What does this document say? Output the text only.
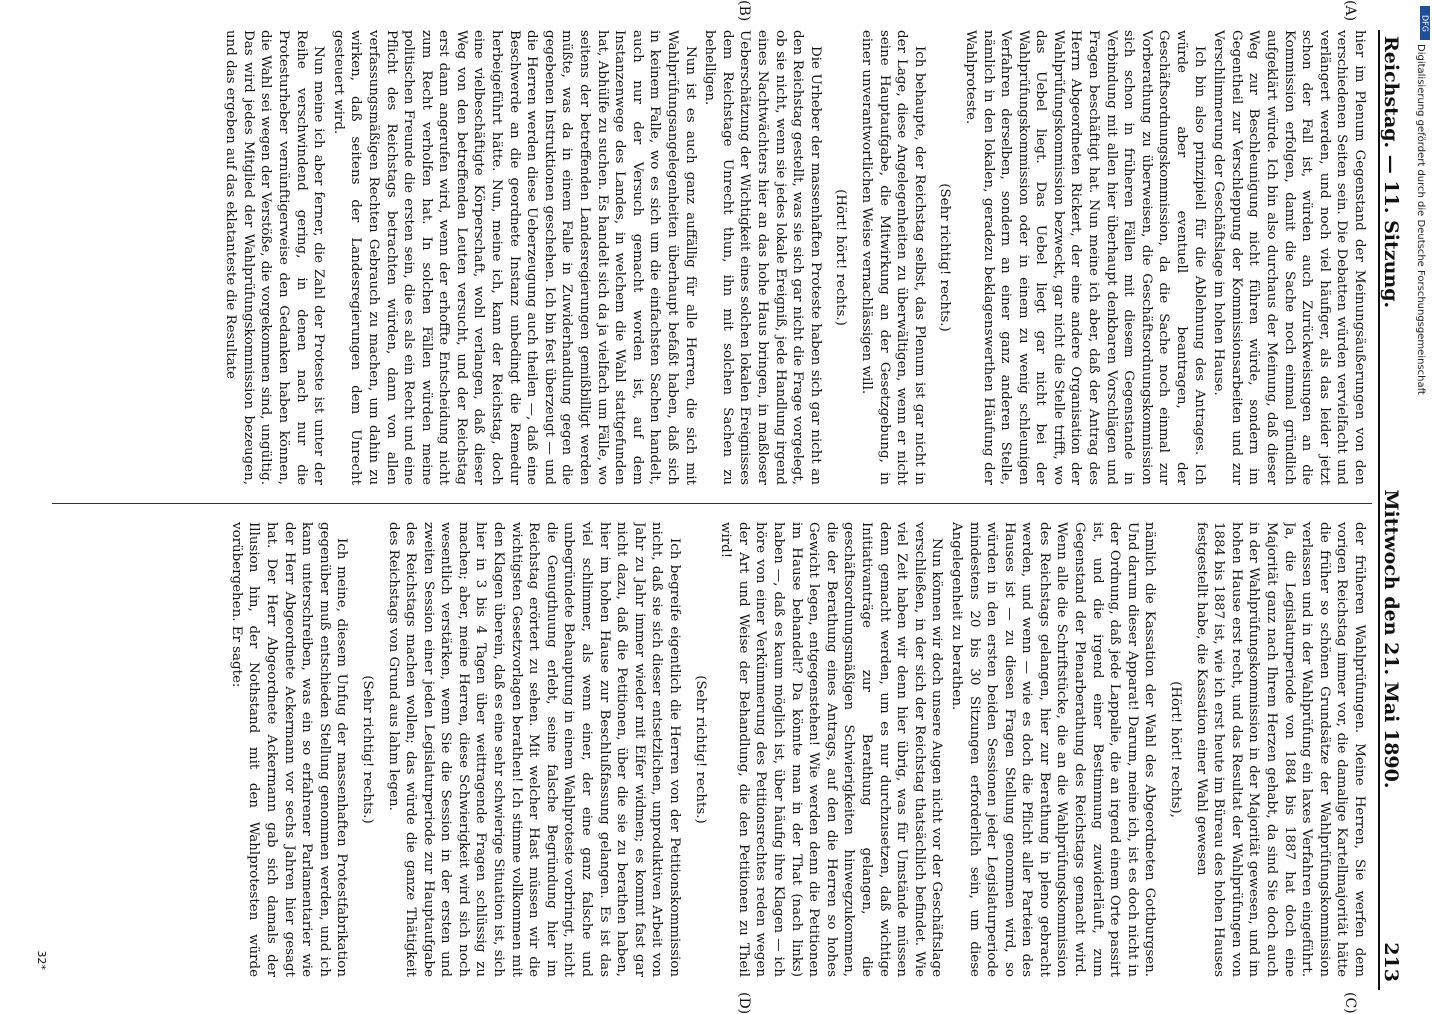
Reichstag. — 11. Sitzung.
Mittwoch den 21. Mai 1890.
213

hier im Plenum Gegenstand der Meinungsäußerungen von den verschiedenen Seiten sein. Die Debatten würden vervielfacht und verlängert werden, und noch viel häufiger, als das leider jetzt schon der Fall ist, würden auch Zurückweisungen an die Kommission erfolgen, damit die Sache noch einmal gründlich aufgeklärt würde. Ich bin also durchaus der Meinung, daß dieser Weg zur Beschleunigung nicht führen würde, sondern im Gegentheil zur Verschleppung der Kommissionsarbeiten und zur Verschlimmerung der Geschäftslage im hohen Hause.

Ich bin also prinzipiell für die Ablehnung des Antrages. Ich würde aber eventuell beantragen, der Geschäftsordnungskommission, da die Sache noch einmal zur Vorberathung zu überweisen, die Geschäftsordnungskommission sich schon in früheren Fällen mit diesem Gegenstande in Verbindung mit allen hier überhaupt denkbaren Vorschlägen und Fragen beschäftigt hat. Nun meine ich aber, daß der Antrag des Herrn Abgeordneten Rickert, der eine andere Organisation der Wahlprüfungskommission bezweckt, gar nicht die Stelle trifft, wo das Uebel liegt. Das Uebel liegt gar nicht bei der Wahlprüfungskommission oder in einem zu wenig schleunigen Verfahren derselben, sondern an einer ganz anderen Stelle, nämlich in den lokalen, geradezu beklagenswerthen Häufung der Wahlproteste.

(Sehr richtig! rechts.)

Ich behaupte, der Reichstag selbst, das Plenum ist gar nicht in der Lage, diese Angelegenheiten zu überwältigen, wenn er nicht seine Hauptaufgabe, die Mitwirkung an der Gesetzgebung, in einer unverantwortlichen Weise vernachlässigen will.

(Hört! hört! rechts.)

Die Urheber der massenhaften Proteste haben sich gar nicht an den Reichstag gestellt, was sie sich gar nicht die Frage vorgelegt, ob sie nicht, wenn sie jedes lokale Ereigniß, jede Handlung irgend eines Nachtwächters hier an das hohe Haus bringen, in maßloser Ueberschätzung der Wichtigkeit eines solchen lokalen Ereignisses dem Reichstage Unrecht thun, ihn mit solchen Sachen zu behelligen.

Nun ist es auch ganz auffällig für alle Herren, die sich mit Wahlprüfungsangelegenheiten überhaupt befaßt haben, daß sich in keinem Falle, wo es sich um die einfachsten Sachen handelt, auch nur der Versuch gemacht worden ist, auf dem Instanzenwege des Landes, in welchem die Wahl stattgefunden hat, Abhülfe zu suchen. Es handelt sich da ja vielfach um Fälle, wo seitens der betreffenden Landesregierungen gemißbilligt werden müßte, was da in einem Falle in Zuwiderhandlung gegen die gegebenen Instruktionen geschehen. Ich bin fest überzeugt — und die Herren werden diese Ueberzeugung auch theilen —, daß eine Beschwerde an die geordnete Instanz unbedingt die Remedur herbeigeführt hätte. Nun, meine ich, kann der Reichstag, doch eine vielbeschäftigte Körperschaft, wohl verlangen, daß dieser Weg von den betreffenden Leuten versucht, und der Reichstag erst dann angerufen wird, wenn der erhoffte Entscheidung nicht zum Recht verholfen hat. In solchen Fällen würden meine politischen Freunde die ersten sein, die es als ein Recht und eine Pflicht des Reichstags betrachten würden, dann von allen verfassungsmäßigen Rechten Gebrauch zu machen, um dahin zu wirken, daß seitens der Landesregierungen dem Unrecht gesteuert wird.

Nun meine ich aber ferner, die Zahl der Proteste ist unter der Reihe verschwindend gering, in denen nach nur die Protesturheber vernünftigerweise den Gedanken haben können, die Wahl sei wegen der Verstöße, die vorgekommen sind, ungültig. Das wird jedes Mitglied der Wahlprüfungskommission bezeugen, und das ergeben auf das eklatanteste die Resultate

der früheren Wahlprüfungen. Meine Herren, Sie werfen dem vorigen Reichstag immer vor, die damalige Kartellmajorität hätte die früher so schönen Grundsätze der Wahlprüfungskommission verlassen und in der Wahlprüfung ein laxes Verfahren eingeführt. Ja, die Legislaturperiode von 1884 bis 1887 hat doch eine Majorität ganz nach Ihrem Herzen gehabt, da sind Sie doch auch in der Wahlprüfungskommission in der Majorität gewesen, und im hohen Hause erst recht, und das Resultat der Wahlprüfungen von 1884 bis 1887 ist, wie ich erst heute im Büreau des hohen Hauses festgestellt habe, die Kassation einer Wahl gewesen

(Hört! hört! rechts),

nämlich die Kassation der Wahl des Abgeordneten Gottburgsen. Und darum dieser Apparat! Darum, meine ich, ist es doch nicht in der Ordnung, daß jede Lappalie, die an irgend einem Orte passirt ist, und die irgend einer Bestimmung zuwiderläuft, zum Gegenstand der Plenarberathung des Reichstags gemacht wird. Wenn alle die Schriftstücke, die an die Wahlprüfungskommission des Reichstags gelangen, hier zur Berathung in pleno gebracht werden, und wenn — wie es doch die Pflicht aller Parteien des Hauses ist — zu diesen Fragen Stellung genommen wird, so würden in den ersten beiden Sessionen jeder Legislaturperiode mindestens 20 bis 30 Sitzungen erforderlich sein, um diese Angelegenheit zu berathen.

Nun können wir doch unsere Augen nicht vor der Geschäftslage verschließen, in der sich der Reichstag thatsächlich befindet. Wie viel Zeit haben wir denn hier übrig, was für Umstände müssen denn gemacht werden, um es nur durchzusetzen, daß wichtige Initiativanträge zur Berathung gelangen, die geschäftsordnungsmäßigen Schwierigkeiten hinwegzukommen, die der Berathung eines Antrags, auf den die Herren so hohes Gewicht legen, entgegenstehen! Wie werden denn die Petitionen im Hause behandelt? Da könnte man in der That (nach links) haben —, daß es kaum möglich ist, über häufig ihre Klagen — ich höre von einer Verkümmerung des Petitionsrechtes reden wegen der Art und Weise der Behandlung, die den Petitionen zu Theil wird!

(Sehr richtig! rechts.)

Ich begreife eigentlich die Herren von der Petitionskommission nicht, daß sie sich dieser entsetzlichen, unproduktiven Arbeit von Jahr zu Jahr immer wieder mit Eifer widmen; es kommt fast gar nicht dazu, daß die Petitionen, über die sie zu berathen haben, hier im hohen Hause zur Beschlußfassung gelangen. Es ist das viel schlimmer, als wenn einer, der eine ganz falsche und unbegründete Behauptung in einem Wahlproteste vorbringt, nicht die Genugthuung erlebt, seine falsche Begründung hier im Reichstag erörtert zu sehen. Mit welcher Hast müssen wir die wichtigsten Gesetzvorlagen berathen! Ich stimme vollkommen mit den Klagen überein, daß es eine sehr schwierige Situation ist, sich hier in 3 bis 4 Tagen über weittragende Fragen schlüssig zu machen; aber, meine Herren, diese Schwierigkeit wird sich noch wesentlich verstärken, wenn Sie die Session in der ersten und zweiten Session einer jeden Legislaturperiode zur Hauptaufgabe des Reichstags machen wollen; das würde die ganze Thätigkeit des Reichstags von Grund aus lahm legen.

(Sehr richtig! rechts.)

Ich meine, diesem Unfug der massenhaften Protestfabrikation gegenüber muß entschieden Stellung genommen werden, und ich kann unterschreiben, was ein so erfahrener Parlamentarier wie der Herr Abgeordnete Ackermann vor sechs Jahren hier gesagt hat. Der Herr Abgeordnete Ackermann gab sich damals der Illusion hin, der Nothstand mit den Wahlprotesten würde vorübergehen. Er sagte:

(A)
(B)
(C)
(D)
32*
DFG
Digitalisierung gefördert durch die Deutsche Forschungsgemeinschaft
